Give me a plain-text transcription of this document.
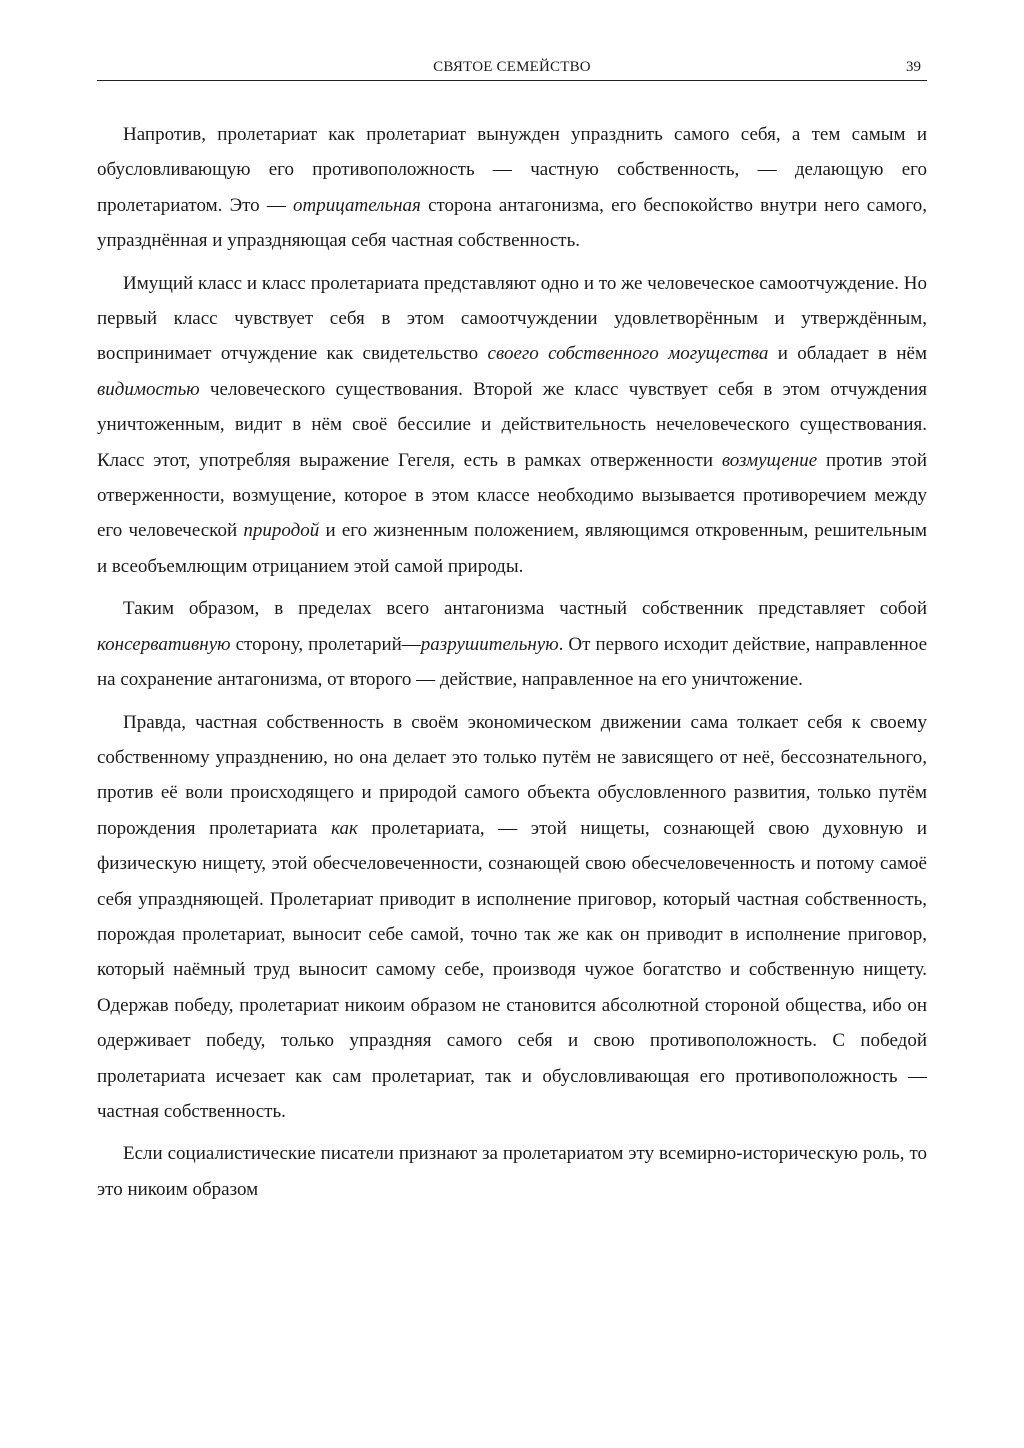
СВЯТОЕ СЕМЕЙСТВО	39

Напротив, пролетариат как пролетариат вынужден упразднить самого себя, а тем самым и обусловливающую его противоположность — частную собственность, — делающую его пролетариатом. Это — отрицательная сторона антагонизма, его беспокойство внутри него самого, упразднённая и упраздняющая себя частная собственность.

Имущий класс и класс пролетариата представляют одно и то же человеческое самоотчуждение. Но первый класс чувствует себя в этом самоотчуждении удовлетворённым и утверждённым, воспринимает отчуждение как свидетельство своего собственного могущества и обладает в нём видимостью человеческого существования. Второй же класс чувствует себя в этом отчуждения уничтоженным, видит в нём своё бессилие и действительность нечеловеческого существования. Класс этот, употребляя выражение Гегеля, есть в рамках отверженности возмущение против этой отверженности, возмущение, которое в этом классе необходимо вызывается противоречием между его человеческой природой и его жизненным положением, являющимся откровенным, решительным и всеобъемлющим отрицанием этой самой природы.

Таким образом, в пределах всего антагонизма частный собственник представляет собой консервативную сторону, пролетарий—разрушительную. От первого исходит действие, направленное на сохранение антагонизма, от второго — действие, направленное на его уничтожение.

Правда, частная собственность в своём экономическом движении сама толкает себя к своему собственному упразднению, но она делает это только путём не зависящего от неё, бессознательного, против её воли происходящего и природой самого объекта обусловленного развития, только путём порождения пролетариата как пролетариата, — этой нищеты, сознающей свою духовную и физическую нищету, этой обесчеловеченности, сознающей свою обесчеловеченность и потому самоё себя упраздняющей. Пролетариат приводит в исполнение приговор, который частная собственность, порождая пролетариат, выносит себе самой, точно так же как он приводит в исполнение приговор, который наёмный труд выносит самому себе, производя чужое богатство и собственную нищету. Одержав победу, пролетариат никоим образом не становится абсолютной стороной общества, ибо он одерживает победу, только упраздняя самого себя и свою противоположность. С победой пролетариата исчезает как сам пролетариат, так и обусловливающая его противоположность — частная собственность.

Если социалистические писатели признают за пролетариатом эту всемирно-историческую роль, то это никоим образом
